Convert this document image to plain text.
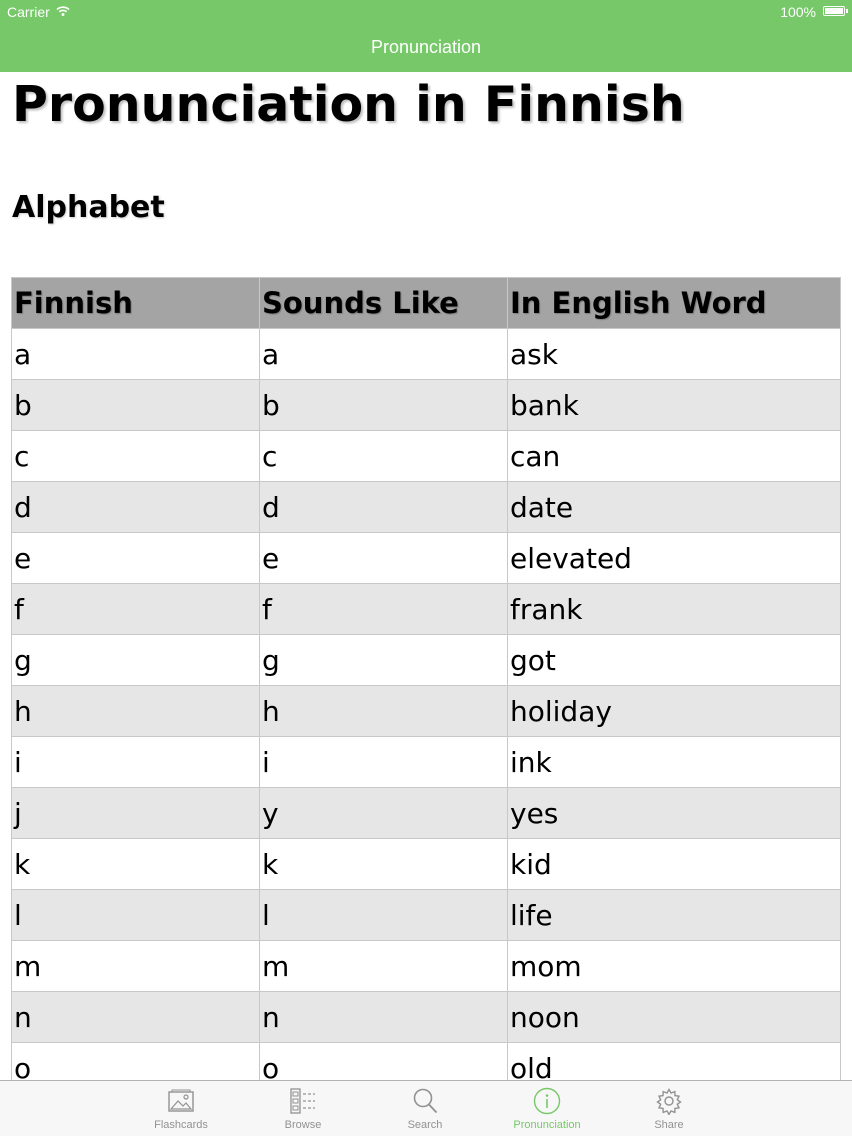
Carrier	100%
Pronunciation
Pronunciation in Finnish
Alphabet
Finnish	Sounds Like	In English Word
a	a	ask
b	b	bank
c	c	can
d	d	date
e	e	elevated
f	f	frank
g	g	got
h	h	holiday
i	i	ink
j	y	yes
k	k	kid
l	l	life
m	m	mom
n	n	noon
o	o	old
Flashcards	Browse	Search	Pronunciation	Share
